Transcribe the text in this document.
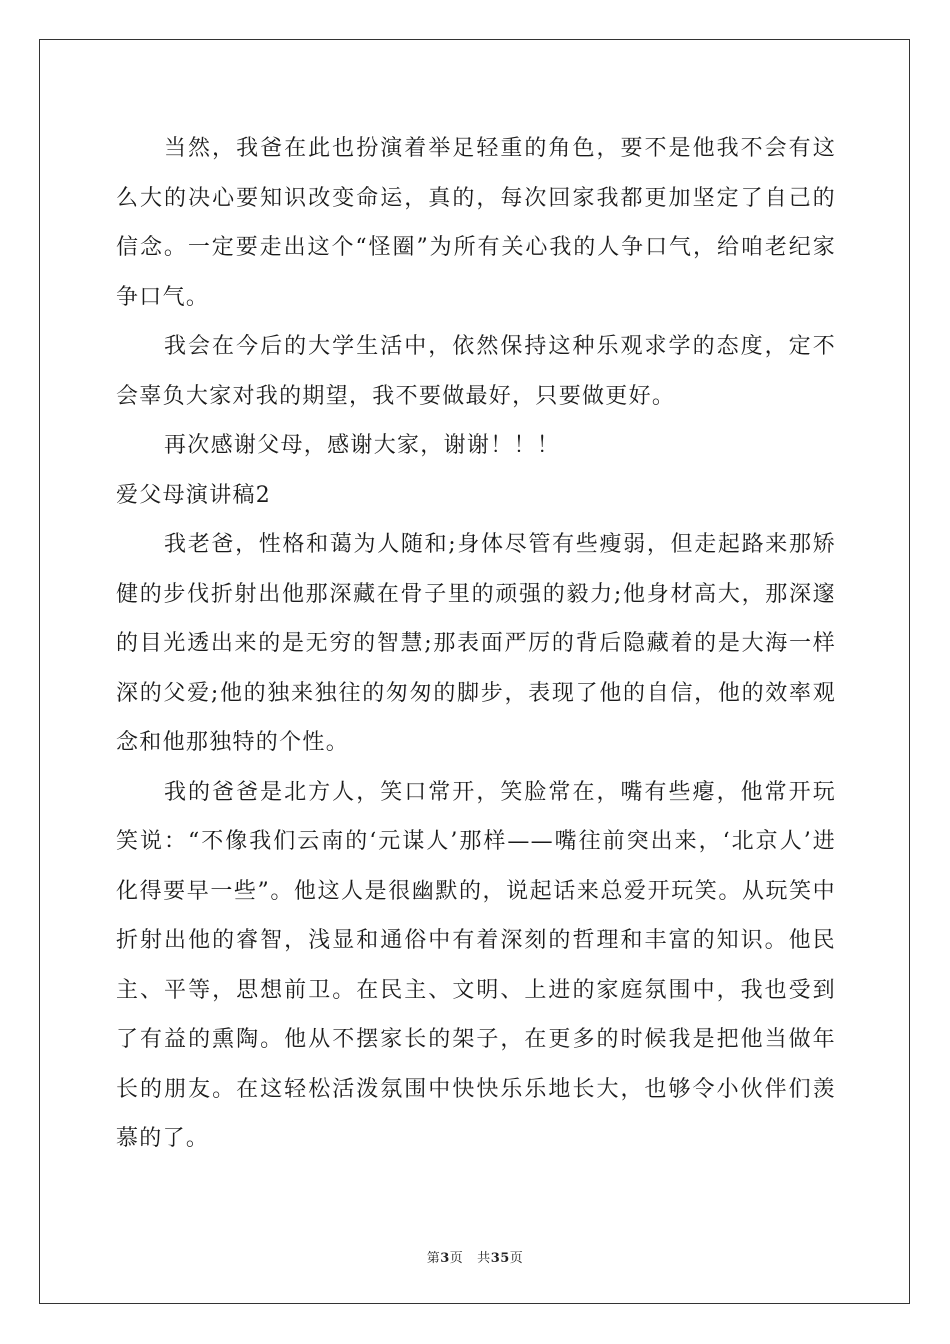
当然，我爸在此也扮演着举足轻重的角色，要不是他我不会有这么大的决心要知识改变命运，真的，每次回家我都更加坚定了自己的信念。一定要走出这个“怪圈”为所有关心我的人争口气，给咱老纪家争口气。

我会在今后的大学生活中，依然保持这种乐观求学的态度，定不会辜负大家对我的期望，我不要做最好，只要做更好。

再次感谢父母，感谢大家，谢谢！！！

爱父母演讲稿2

我老爸，性格和蔼为人随和;身体尽管有些瘦弱，但走起路来那矫健的步伐折射出他那深藏在骨子里的顽强的毅力;他身材高大，那深邃的目光透出来的是无穷的智慧;那表面严厉的背后隐藏着的是大海一样深的父爱;他的独来独往的匆匆的脚步，表现了他的自信，他的效率观念和他那独特的个性。

我的爸爸是北方人，笑口常开，笑脸常在，嘴有些瘪，他常开玩笑说：“不像我们云南的‘元谋人’那样——嘴往前突出来，‘北京人’进化得要早一些”。他这人是很幽默的，说起话来总爱开玩笑。从玩笑中折射出他的睿智，浅显和通俗中有着深刻的哲理和丰富的知识。他民主、平等，思想前卫。在民主、文明、上进的家庭氛围中，我也受到了有益的熏陶。他从不摆家长的架子，在更多的时候我是把他当做年长的朋友。在这轻松活泼氛围中快快乐乐地长大，也够令小伙伴们羡慕的了。

第3页 共35页
